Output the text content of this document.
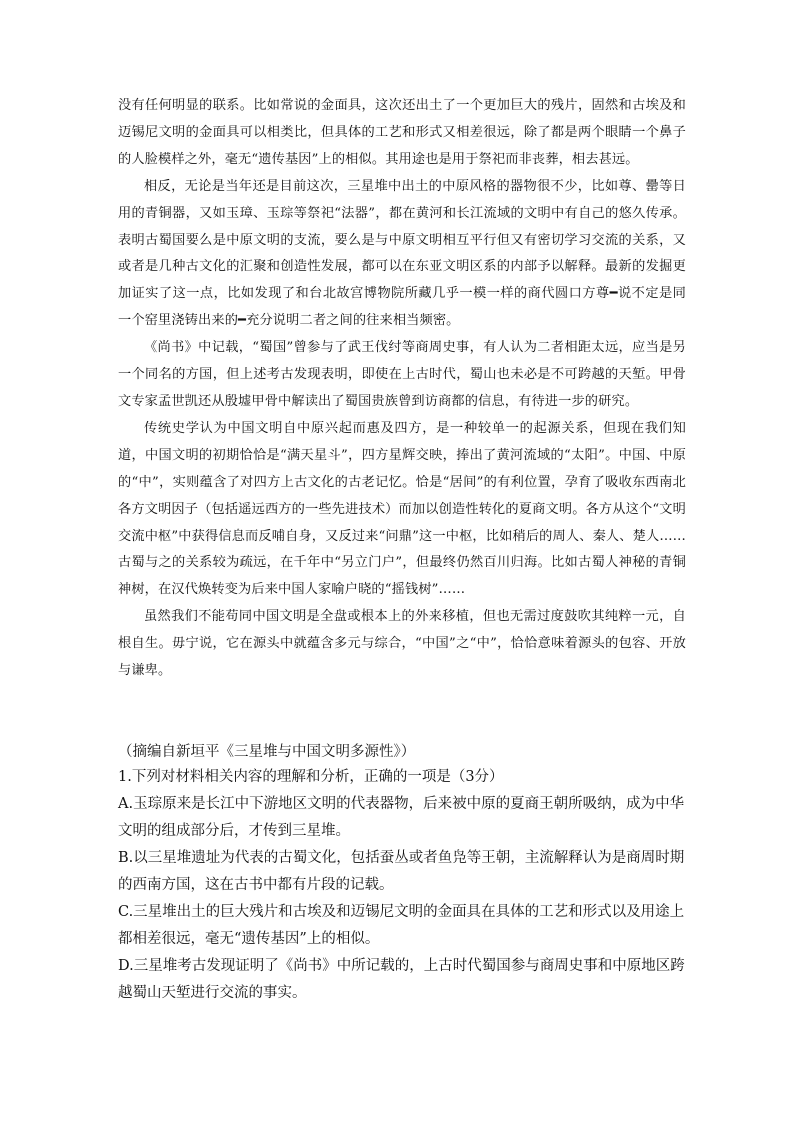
没有任何明显的联系。比如常说的金面具，这次还出土了一个更加巨大的残片，固然和古埃及和迈锡尼文明的金面具可以相类比，但具体的工艺和形式又相差很远，除了都是两个眼睛一个鼻子的人脸模样之外，毫无“遗传基因”上的相似。其用途也是用于祭祀而非丧葬，相去甚远。

相反，无论是当年还是目前这次，三星堆中出土的中原风格的器物很不少，比如尊、罍等日用的青铜器，又如玉璋、玉琮等祭祀“法器”，都在黄河和长江流域的文明中有自己的悠久传承。表明古蜀国要么是中原文明的支流，要么是与中原文明相互平行但又有密切学习交流的关系，又或者是几种古文化的汇聚和创造性发展，都可以在东亚文明区系的内部予以解释。最新的发掘更加证实了这一点，比如发现了和台北故宫博物院所藏几乎一模一样的商代圆口方尊━说不定是同一个窑里浇铸出来的━充分说明二者之间的往来相当频密。

《尚书》中记载，“蜀国”曾参与了武王伐纣等商周史事，有人认为二者相距太远，应当是另一个同名的方国，但上述考古发现表明，即使在上古时代，蜀山也未必是不可跨越的天堑。甲骨文专家孟世凯还从殷墟甲骨中解读出了蜀国贵族曾到访商都的信息，有待进一步的研究。

传统史学认为中国文明自中原兴起而惠及四方，是一种较单一的起源关系，但现在我们知道，中国文明的初期恰恰是“满天星斗”，四方星辉交映，捧出了黄河流域的“太阳”。中国、中原的“中”，实则蕴含了对四方上古文化的古老记忆。恰是“居间”的有利位置，孕育了吸收东西南北各方文明因子（包括遥远西方的一些先进技术）而加以创造性转化的夏商文明。各方从这个“文明交流中枢”中获得信息而反哺自身，又反过来“问鼎”这一中枢，比如稍后的周人、秦人、楚人……古蜀与之的关系较为疏远，在千年中“另立门户”，但最终仍然百川归海。比如古蜀人神秘的青铜神树，在汉代焕转变为后来中国人家喻户晓的“摇钱树”……

虽然我们不能苟同中国文明是全盘或根本上的外来移植，但也无需过度鼓吹其纯粹一元，自根自生。毋宁说，它在源头中就蕴含多元与综合，“中国”之“中”，恰恰意味着源头的包容、开放与谦卑。

（摘编自新垣平《三星堆与中国文明多源性》）

1.下列对材料相关内容的理解和分析，正确的一项是（3分）

A.玉琮原来是长江中下游地区文明的代表器物，后来被中原的夏商王朝所吸纳，成为中华文明的组成部分后，才传到三星堆。

B.以三星堆遗址为代表的古蜀文化，包括蚕丛或者鱼凫等王朝，主流解释认为是商周时期的西南方国，这在古书中都有片段的记载。

C.三星堆出土的巨大残片和古埃及和迈锡尼文明的金面具在具体的工艺和形式以及用途上都相差很远，毫无“遗传基因”上的相似。

D.三星堆考古发现证明了《尚书》中所记载的，上古时代蜀国参与商周史事和中原地区跨越蜀山天堑进行交流的事实。
